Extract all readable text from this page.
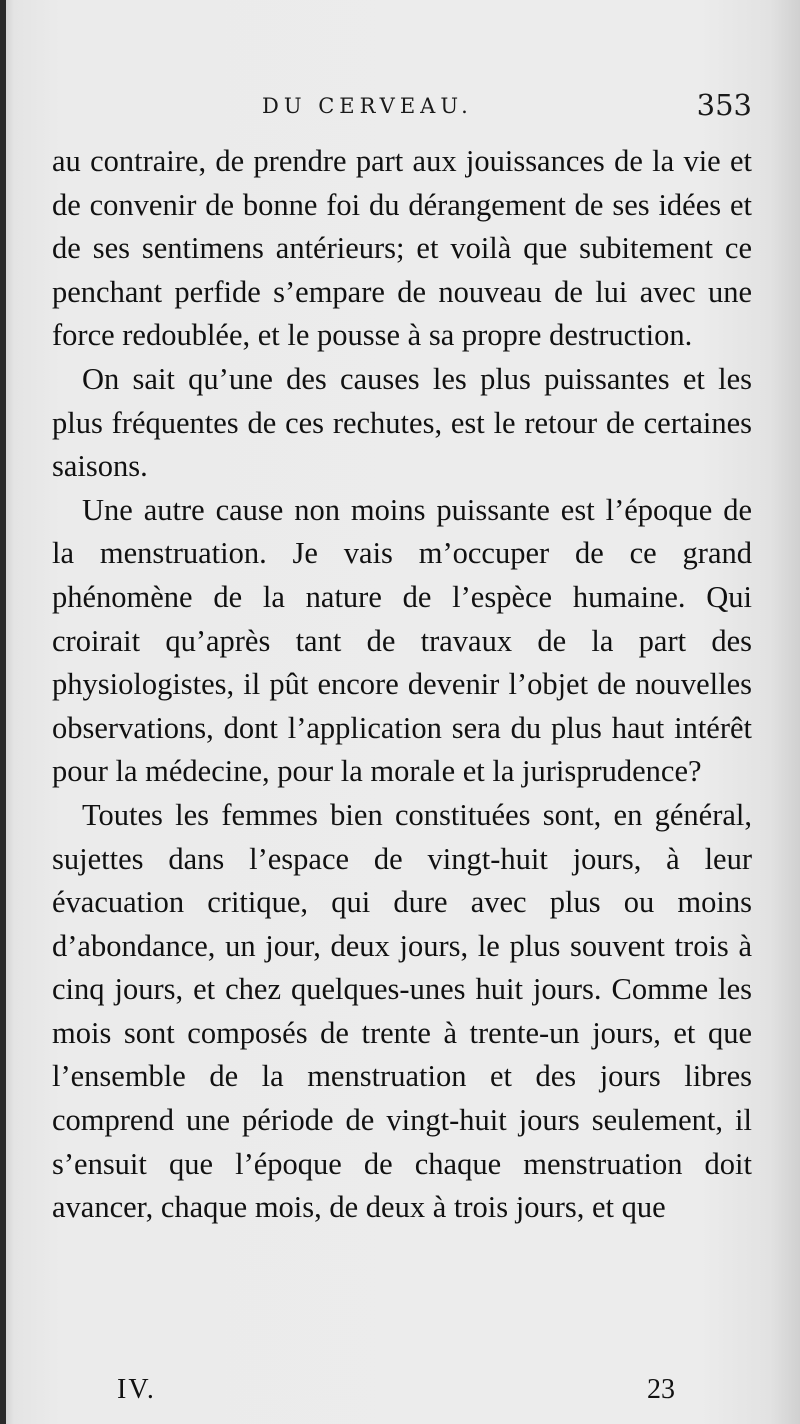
DU CERVEAU.	353

au contraire, de prendre part aux jouissances de la vie et de convenir de bonne foi du dérangement de ses idées et de ses sentimens antérieurs; et voilà que subitement ce penchant perfide s’empare de nouveau de lui avec une force redoublée, et le pousse à sa propre destruction.

On sait qu’une des causes les plus puissantes et les plus fréquentes de ces rechutes, est le retour de certaines saisons.

Une autre cause non moins puissante est l’époque de la menstruation. Je vais m’occuper de ce grand phénomène de la nature de l’espèce humaine. Qui croirait qu’après tant de travaux de la part des physiologistes, il pût encore devenir l’objet de nouvelles observations, dont l’application sera du plus haut intérêt pour la médecine, pour la morale et la jurisprudence?

Toutes les femmes bien constituées sont, en général, sujettes dans l’espace de vingt-huit jours, à leur évacuation critique, qui dure avec plus ou moins d’abondance, un jour, deux jours, le plus souvent trois à cinq jours, et chez quelques-unes huit jours. Comme les mois sont composés de trente à trente-un jours, et que l’ensemble de la menstruation et des jours libres comprend une période de vingt-huit jours seulement, il s’ensuit que l’époque de chaque menstruation doit avancer, chaque mois, de deux à trois jours, et que

IV.	23
